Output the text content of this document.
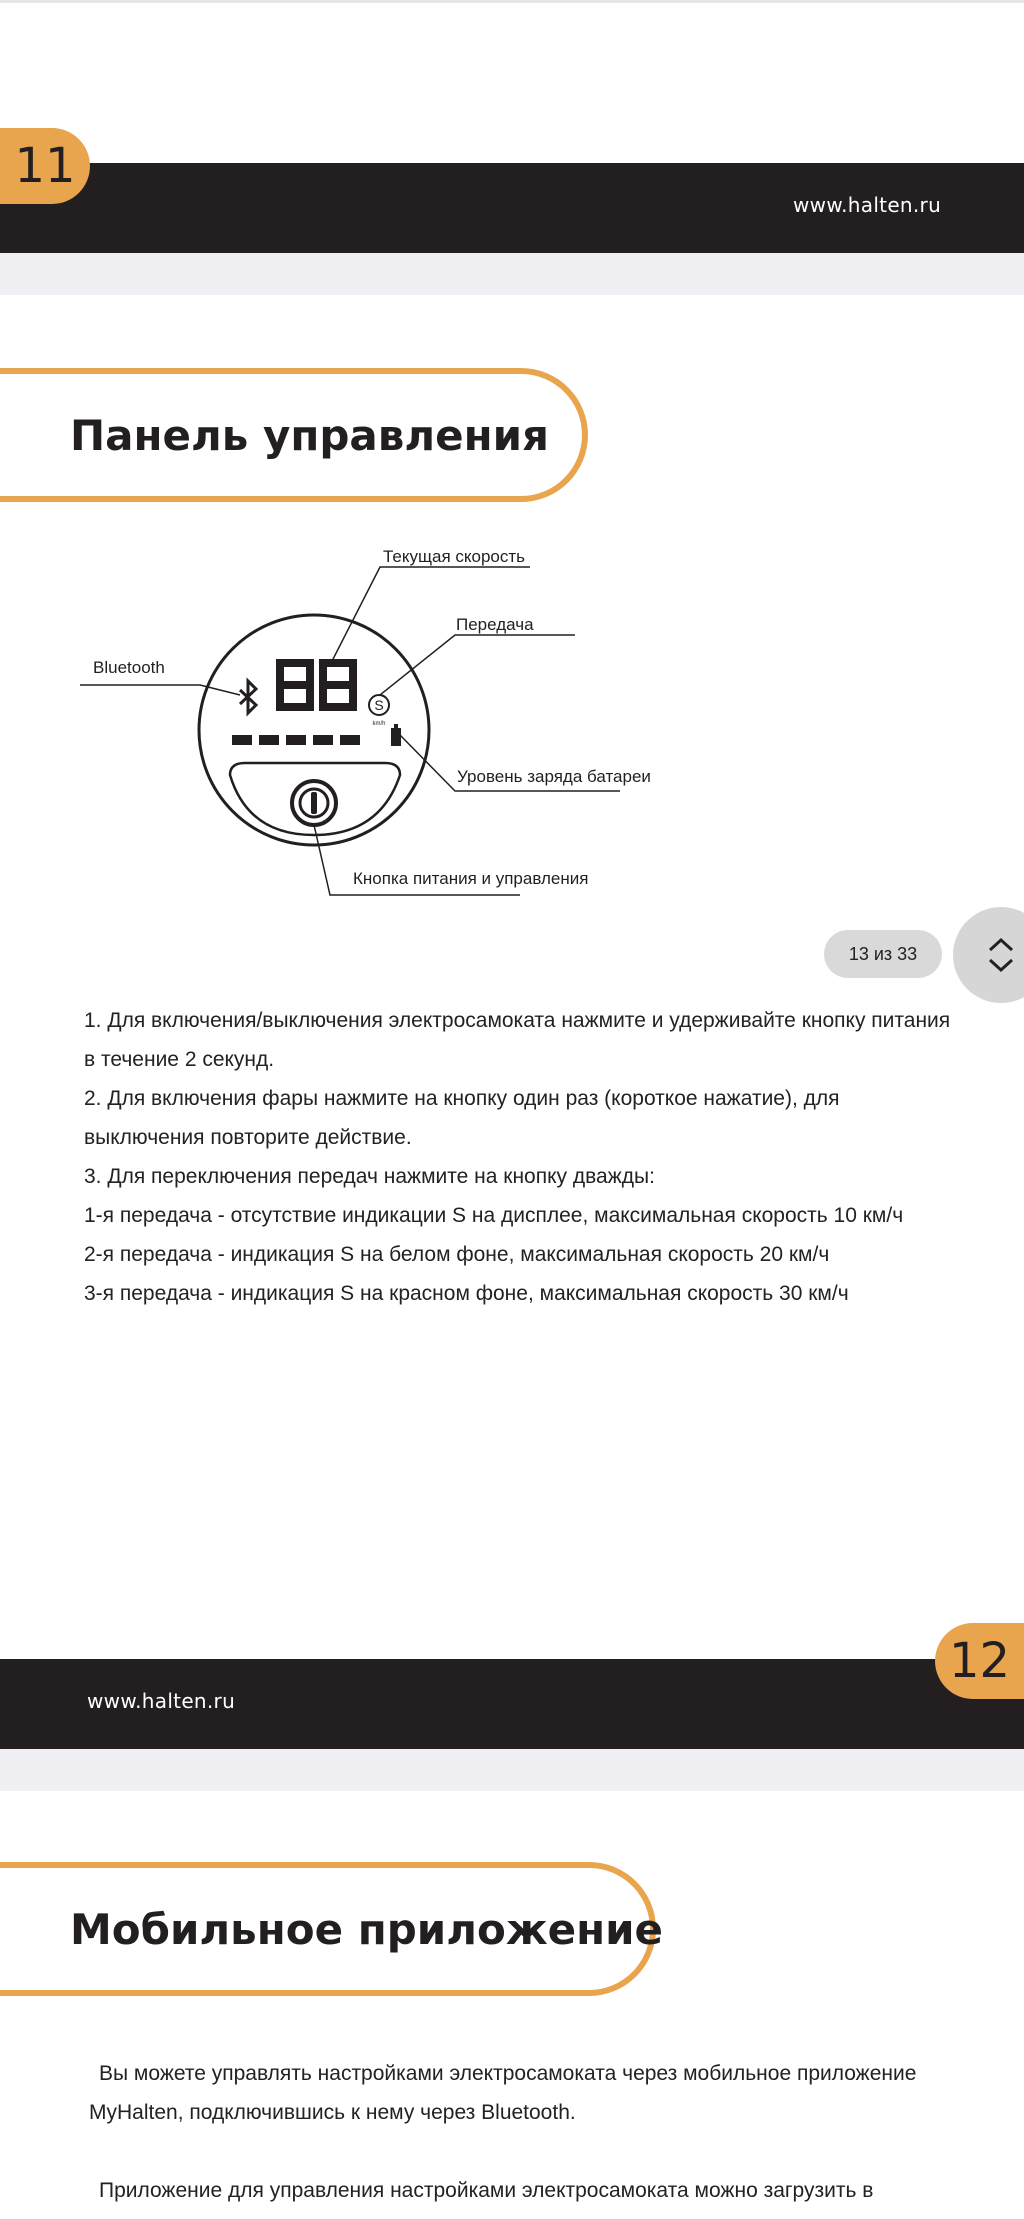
www.halten.ru
11
Панель управления
S
km/h
Текущая скорость
Передача
Bluetooth
Уровень заряда батареи
Кнопка питания и управления
13 из 33

1. Для включения/выключения электросамоката нажмите и удерживайте кнопку питания в течение 2 секунд.

2. Для включения фары нажмите на кнопку один раз (короткое нажатие), для выключения повторите действие.

3. Для переключения передач нажмите на кнопку дважды:

1-я передача - отсутствие индикации S на дисплее, максимальная скорость 10 км/ч

2-я передача - индикация S на белом фоне, максимальная скорость 20 км/ч

3-я передача - индикация S на красном фоне, максимальная скорость 30 км/ч

www.halten.ru
12
Мобильное приложение

Вы можете управлять настройками электросамоката через мобильное приложение MyHalten, подключившись к нему через Bluetooth.

Приложение для управления настройками электросамоката можно загрузить в
